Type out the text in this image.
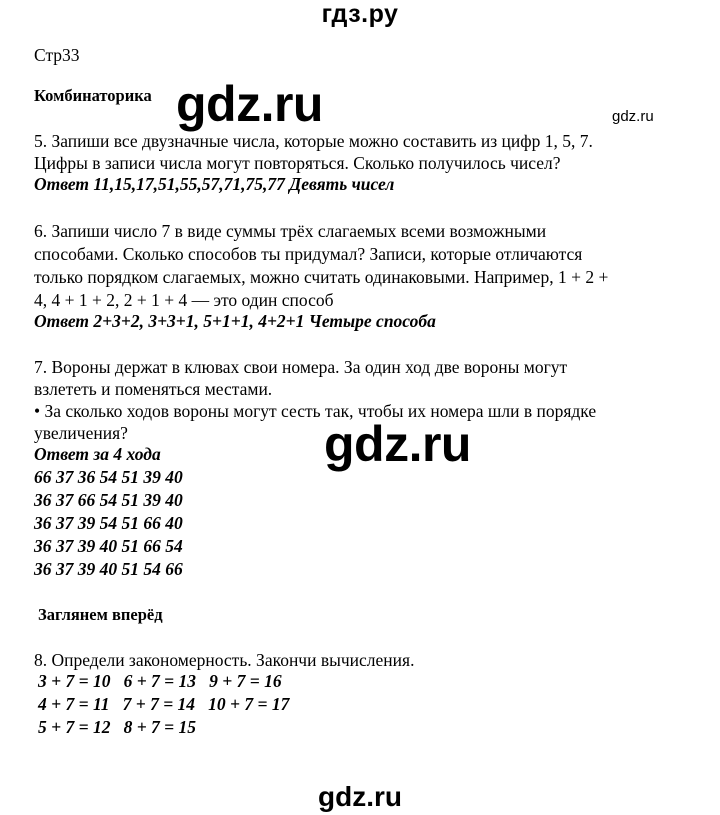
гдз.ру
Стр33
Комбинаторика gdz.ru	gdz.ru
5. Запиши все двузначные числа, которые можно составить из цифр 1, 5, 7.
Цифры в записи числа могут повторяться. Сколько получилось чисел?
Ответ 11,15,17,51,55,57,71,75,77 Девять чисел
6. Запиши число 7 в виде суммы трёх слагаемых всеми возможными
способами. Сколько способов ты придумал? Записи, которые отличаются
только порядком слагаемых, можно считать одинаковыми. Например, 1 + 2 +
4, 4 + 1 + 2, 2 + 1 + 4 — это один способ
Ответ 2+3+2, 3+3+1, 5+1+1, 4+2+1 Четыре способа
7. Вороны держат в клювах свои номера. За один ход две вороны могут
взлететь и поменяться местами.
• За сколько ходов вороны могут сесть так, чтобы их номера шли в порядке
увеличения?	gdz.ru
Ответ за 4 хода
66 37 36 54 51 39 40
36 37 66 54 51 39 40
36 37 39 54 51 66 40
36 37 39 40 51 66 54
36 37 39 40 51 54 66
Заглянем вперёд
8. Определи закономерность. Закончи вычисления.
3 + 7 = 10   6 + 7 = 13   9 + 7 = 16
4 + 7 = 11   7 + 7 = 14   10 + 7 = 17
5 + 7 = 12   8 + 7 = 15
gdz.ru
